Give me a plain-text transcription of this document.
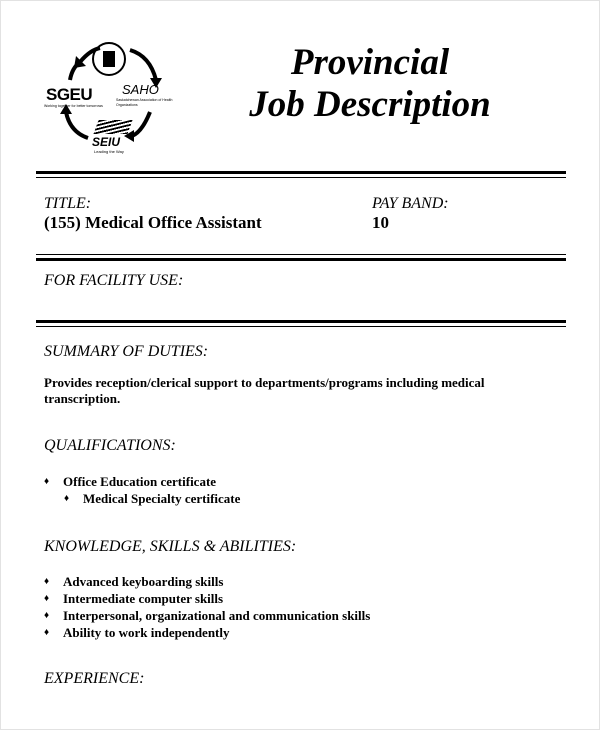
SGEU
Working together for better tomorrows
SAHO
Saskatchewan Association of Health Organizations
SEIU
Leading the Way

Provincial

Job Description

TITLE:
(155) Medical Office Assistant
PAY BAND:
10
FOR FACILITY USE:
SUMMARY OF DUTIES:
Provides reception/clerical support to departments/programs including medical transcription.
QUALIFICATIONS:
♦ Office Education certificate
♦ Medical Specialty certificate
KNOWLEDGE, SKILLS & ABILITIES:
♦ Advanced keyboarding skills
♦ Intermediate computer skills
♦ Interpersonal, organizational and communication skills
♦ Ability to work independently
EXPERIENCE:
